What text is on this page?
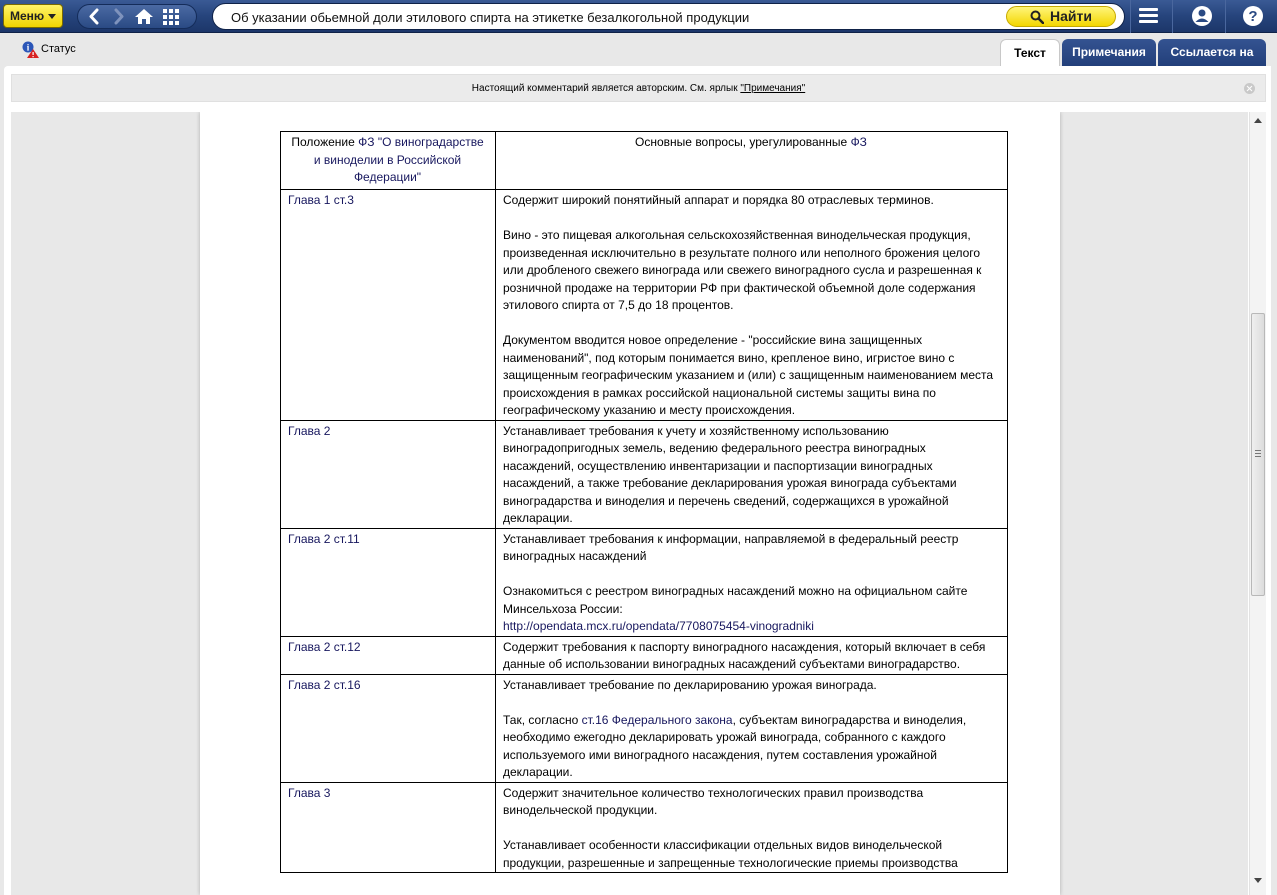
Меню
Об указании обьемной доли этилового спирта на этикетке безалкогольной продукции	Найти	?
i Статус	Текст	Примечания	Ссылается на
Настоящий комментарий является авторским. См. ярлык "Примечания"
Положение ФЗ "О виноградарстве и виноделии в Российской Федерации"	Основные вопросы, урегулированные ФЗ
Глава 1 ст.3	Содержит широкий понятийный аппарат и порядка 80 отраслевых терминов.
Вино - это пищевая алкогольная сельскохозяйственная винодельческая продукция, произведенная исключительно в результате полного или неполного брожения целого или дробленого свежего винограда или свежего виноградного сусла и разрешенная к розничной продаже на территории РФ при фактической объемной доле содержания этилового спирта от 7,5 до 18 процентов.
Документом вводится новое определение - "российские вина защищенных наименований", под которым понимается вино, крепленое вино, игристое вино с защищенным географическим указанием и (или) с защищенным наименованием места происхождения в рамках российской национальной системы защиты вина по географическому указанию и месту происхождения.

Глава 2	Устанавливает требования к учету и хозяйственному использованию виноградопригодных земель, ведению федерального реестра виноградных насаждений, осуществлению инвентаризации и паспортизации виноградных насаждений, а также требование декларирования урожая винограда субъектами виноградарства и виноделия и перечень сведений, содержащихся в урожайной декларации.

Глава 2 ст.11	Устанавливает требования к информации, направляемой в федеральный реестр виноградных насаждений
Ознакомиться с реестром виноградных насаждений можно на официальном сайте Минсельхоза России:
http://opendata.mcx.ru/opendata/7708075454-vinogradniki

Глава 2 ст.12	Содержит требования к паспорту виноградного насаждения, который включает в себя данные об использовании виноградных насаждений субъектами виноградарство.

Глава 2 ст.16	Устанавливает требование по декларированию урожая винограда.
Так, согласно ст.16 Федерального закона, субъектам виноградарства и виноделия, необходимо ежегодно декларировать урожай винограда, собранного с каждого используемого ими виноградного насаждения, путем составления урожайной декларации.

Глава 3	Содержит значительное количество технологических правил производства винодельческой продукции.
Устанавливает особенности классификации отдельных видов винодельческой продукции, разрешенные и запрещенные технологические приемы производства
